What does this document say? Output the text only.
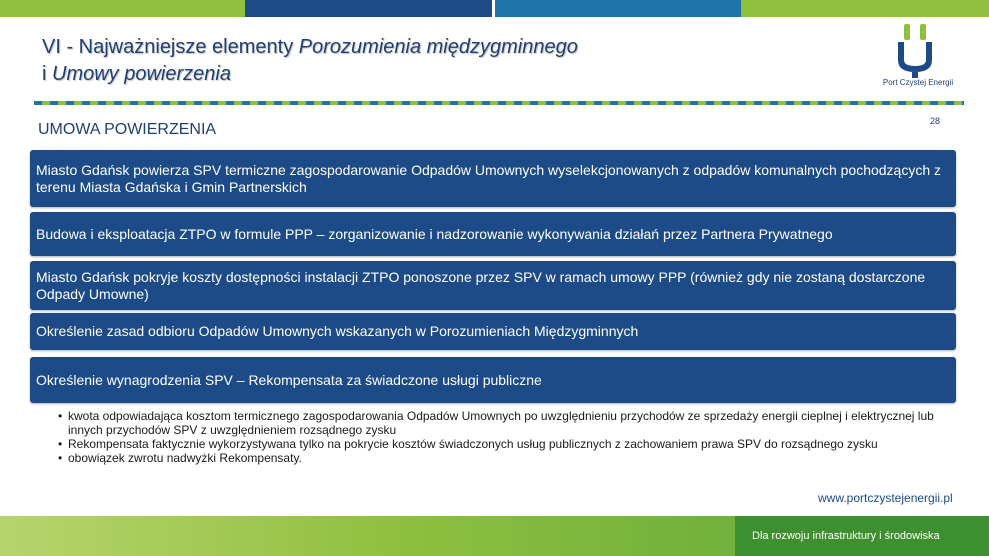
VI - Najważniejsze elementy Porozumienia międzygminnego
i Umowy powierzenia	Port Czystej Energii
28
UMOWA POWIERZENIA
Miasto Gdańsk powierza SPV termiczne zagospodarowanie Odpadów Umownych wyselekcjonowanych z odpadów komunalnych pochodzących z terenu Miasta Gdańska i Gmin Partnerskich
Budowa i eksploatacja ZTPO w formule PPP – zorganizowanie i nadzorowanie wykonywania działań przez Partnera Prywatnego
Miasto Gdańsk pokryje koszty dostępności instalacji ZTPO ponoszone przez SPV w ramach umowy PPP (również gdy nie zostaną dostarczone Odpady Umowne)
Określenie zasad odbioru Odpadów Umownych wskazanych w Porozumieniach Międzygminnych
Określenie wynagrodzenia SPV – Rekompensata za świadczone usługi publiczne
• kwota odpowiadająca kosztom termicznego zagospodarowania Odpadów Umownych po uwzględnieniu przychodów ze sprzedaży energii cieplnej i elektrycznej lub innych przychodów SPV z uwzględnieniem rozsądnego zysku
• Rekompensata faktycznie wykorzystywana tylko na pokrycie kosztów świadczonych usług publicznych z zachowaniem prawa SPV do rozsądnego zysku
• obowiązek zwrotu nadwyżki Rekompensaty.
www.portczystejenergii.pl
Dla rozwoju infrastruktury i środowiska
